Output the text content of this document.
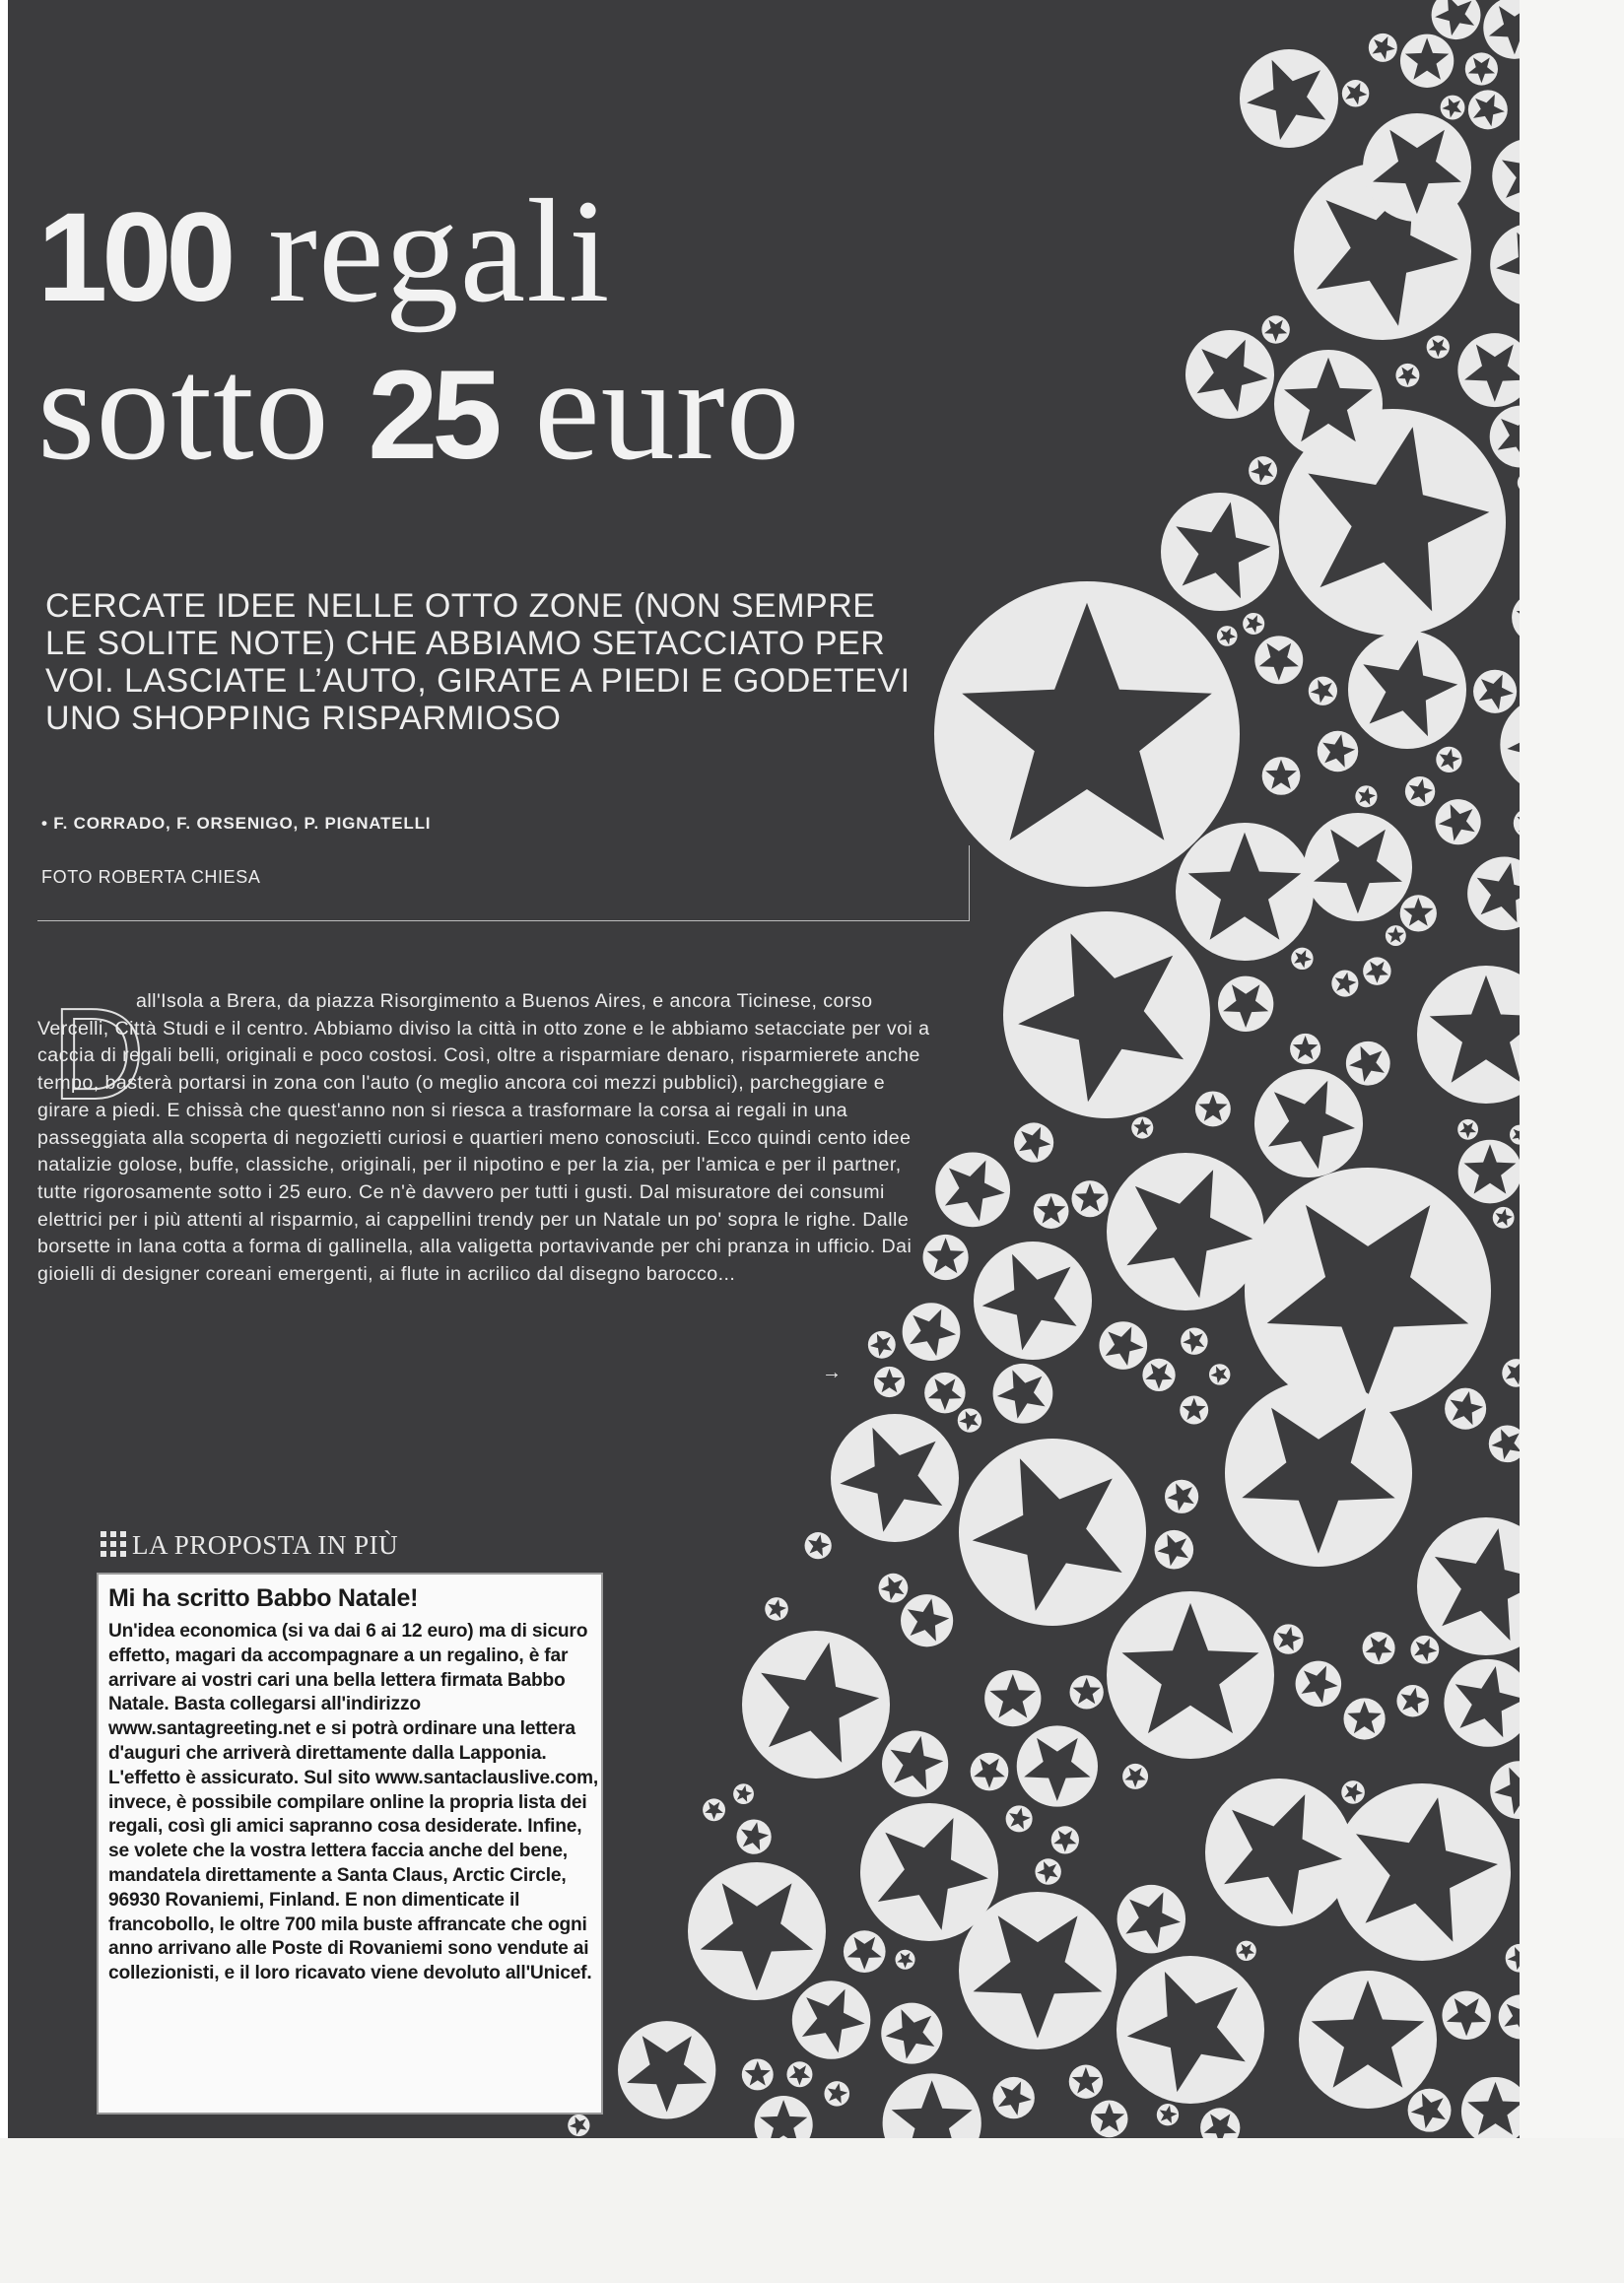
100 regali
sotto 25 euro
CERCATE IDEE NELLE OTTO ZONE (NON SEMPRE LE SOLITE NOTE) CHE ABBIAMO SETACCIATO PER VOI. LASCIATE L’AUTO, GIRATE A PIEDI E GODETEVI UNO SHOPPING RISPARMIOSO
• F. CORRADO, F. ORSENIGO, P. PIGNATELLI
FOTO ROBERTA CHIESA
D

all'Isola a Brera, da piazza Risorgimento a Buenos Aires, e ancora Ticinese, corso Vercelli, Città Studi e il centro. Abbiamo diviso la città in otto zone e le abbiamo setacciate per voi a caccia di regali belli, originali e poco costosi. Così, oltre a risparmiare denaro, risparmierete anche tempo, basterà portarsi in zona con l'auto (o meglio ancora coi mezzi pubblici), parcheggiare e girare a piedi. E chissà che quest'anno non si riesca a trasformare la corsa ai regali in una passeggiata alla scoperta di negozietti curiosi e quartieri meno conosciuti. Ecco quindi cento idee natalizie golose, buffe, classiche, originali, per il nipotino e per la zia, per l'amica e per il partner, tutte rigorosamente sotto i 25 euro. Ce n'è davvero per tutti i gusti. Dal misuratore dei consumi elettrici per i più attenti al risparmio, ai cappellini trendy per un Natale un po' sopra le righe. Dalle borsette in lana cotta a forma di gallinella, alla valigetta portavivande per chi pranza in ufficio. Dai gioielli di designer coreani emergenti, ai flute in acrilico dal disegno barocco...

→
LA PROPOSTA IN PIÙ
Mi ha scritto Babbo Natale!
Un'idea economica (si va dai 6 ai 12 euro) ma di sicuro effetto, magari da accompagnare a un regalino, è far arrivare ai vostri cari una bella lettera firmata Babbo Natale. Basta collegarsi all'indirizzo www.santagreeting.net e si potrà ordinare una lettera d'auguri che arriverà direttamente dalla Lapponia. L'effetto è assicurato. Sul sito www.santaclauslive.com, invece, è possibile compilare online la propria lista dei regali, così gli amici sapranno cosa desiderate. Infine, se volete che la vostra lettera faccia anche del bene, mandatela direttamente a Santa Claus, Arctic Circle, 96930 Rovaniemi, Finland. E non dimenticate il francobollo, le oltre 700 mila buste affrancate che ogni anno arrivano alle Poste di Rovaniemi sono vendute ai collezionisti, e il loro ricavato viene devoluto all'Unicef.
